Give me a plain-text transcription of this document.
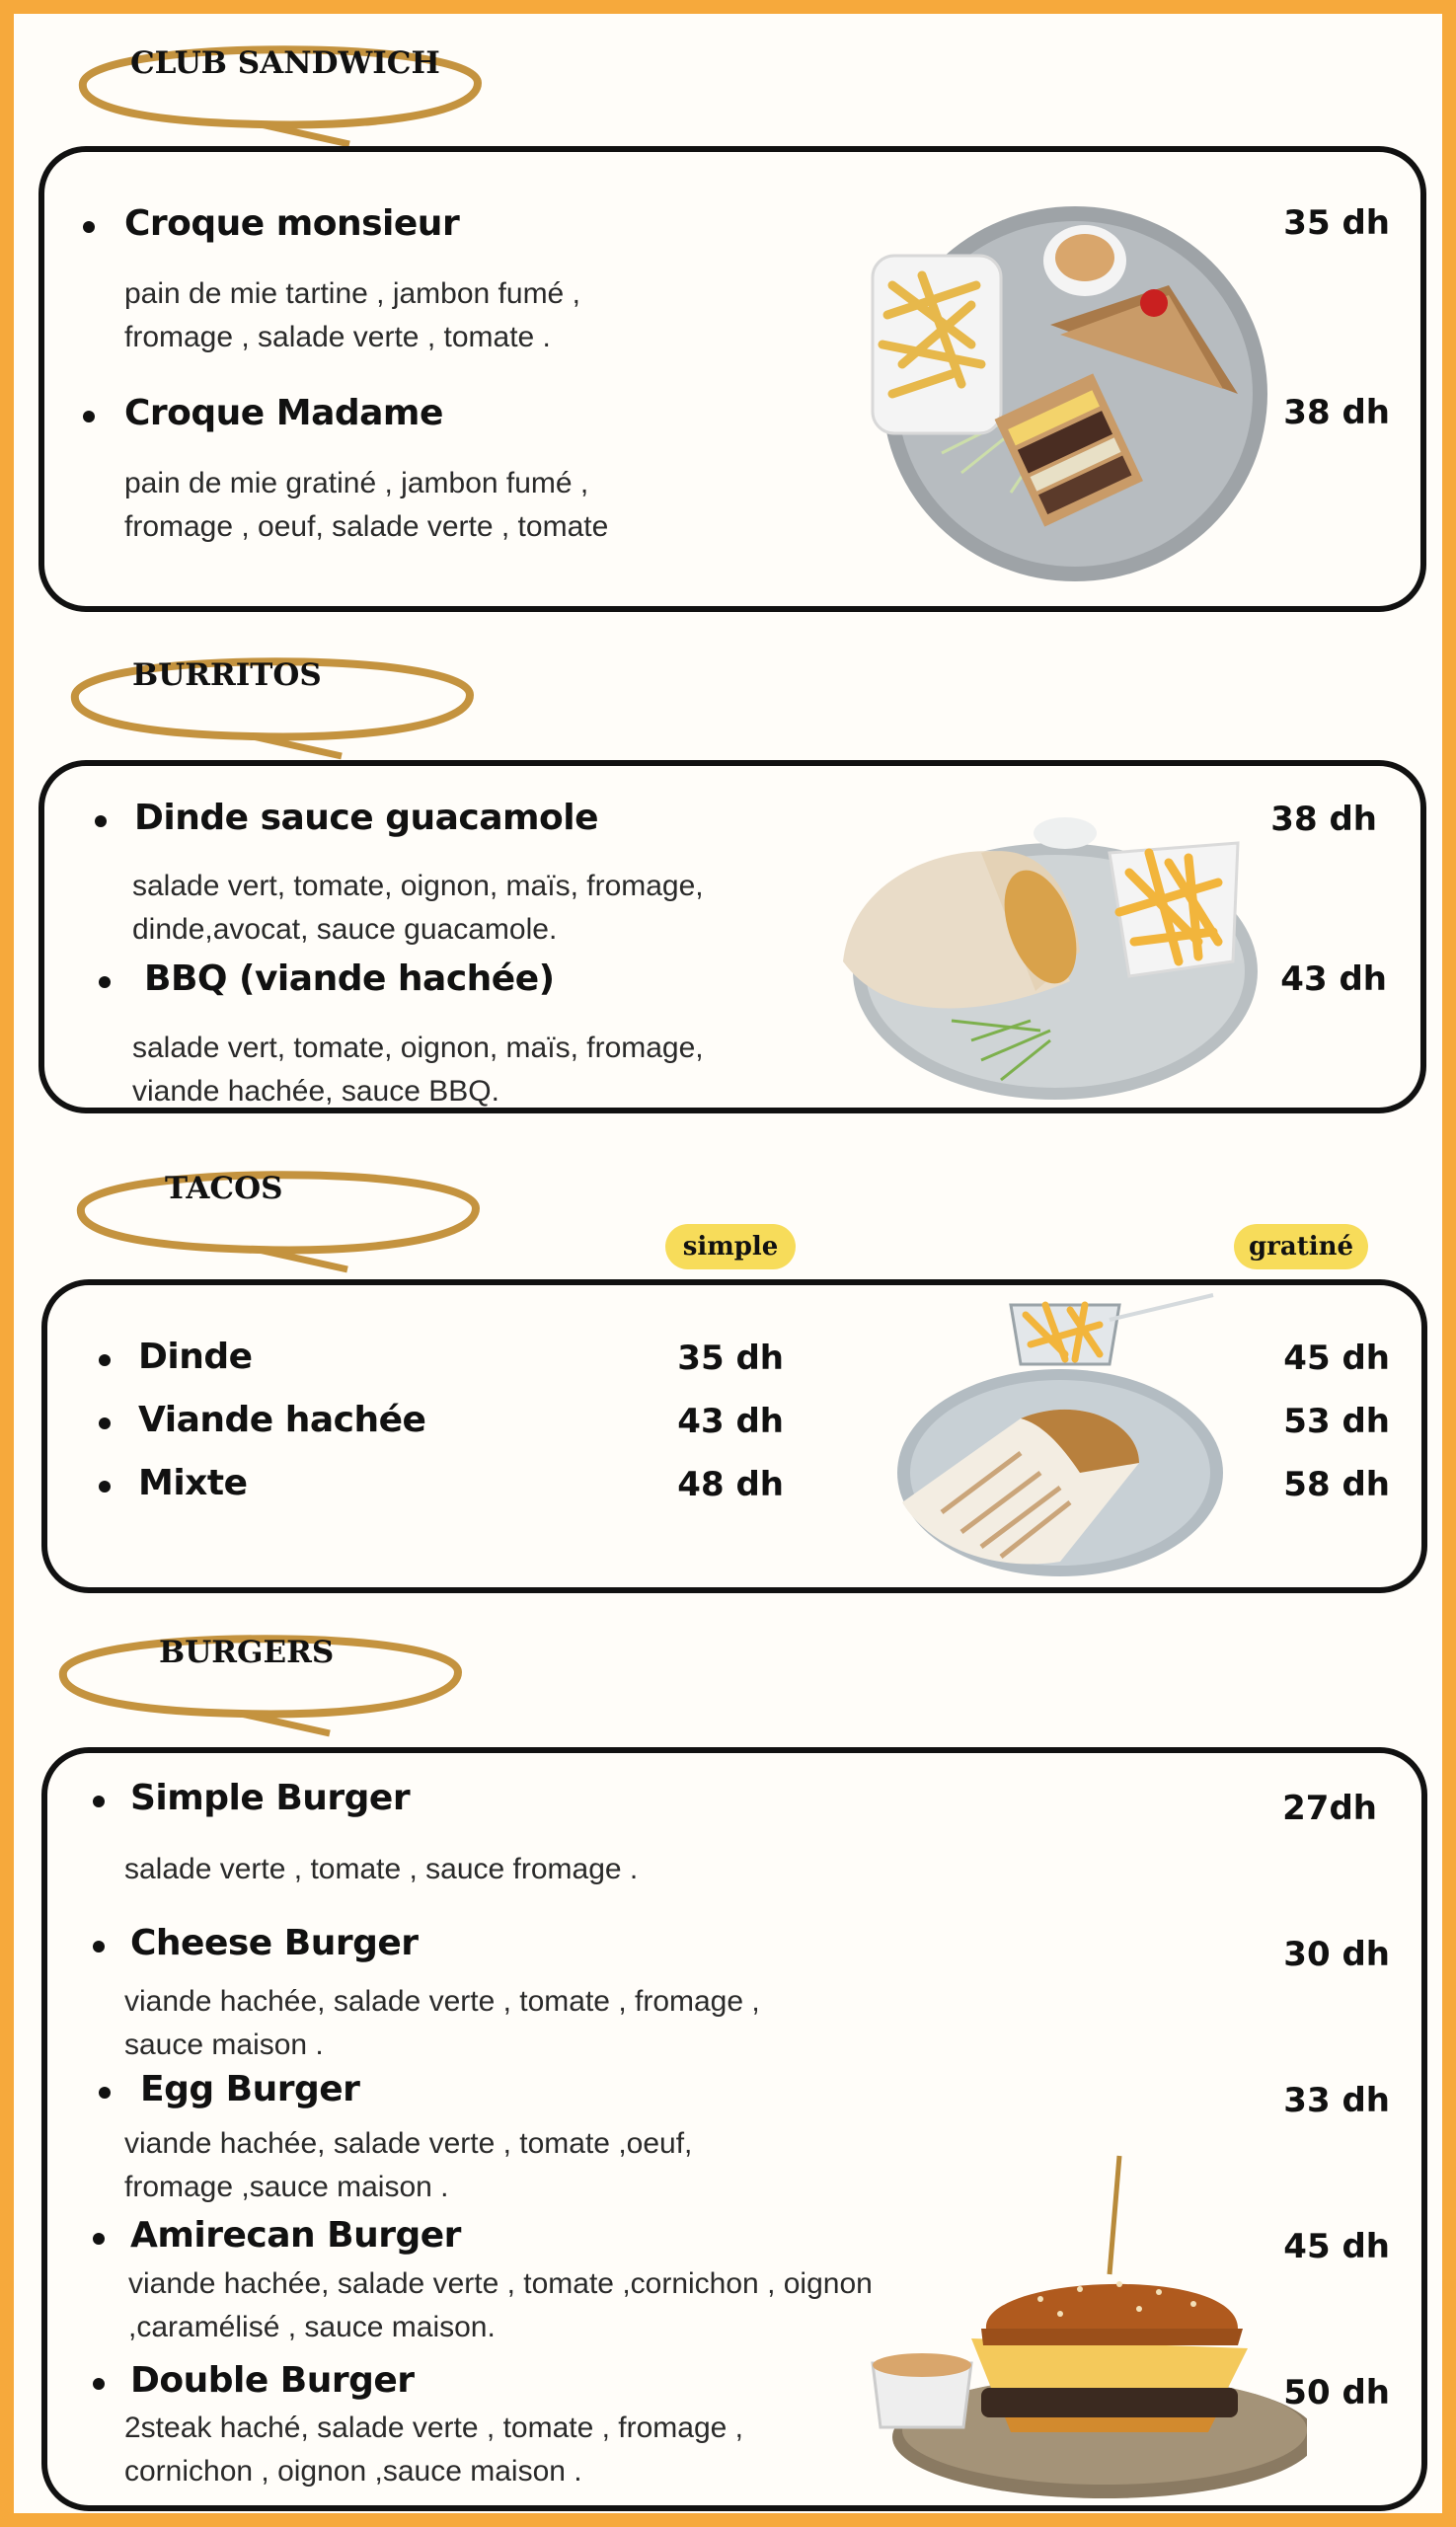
CLUB SANDWICH
Croque monsieur
pain de mie tartine , jambon fumé ,
fromage , salade verte , tomate .
35 dh
Croque Madame
pain de mie gratiné , jambon fumé ,
fromage , oeuf, salade verte , tomate
38 dh
BURRITOS
Dinde sauce guacamole
salade vert, tomate, oignon, maïs, fromage,
dinde,avocat, sauce guacamole.
38 dh
BBQ (viande hachée)
salade vert, tomate, oignon, maïs, fromage,
viande hachée, sauce BBQ.
43 dh
TACOS
simple	gratiné
Dinde	35 dh	45 dh
Viande hachée	43 dh	53 dh
Mixte	48 dh	58 dh
BURGERS
Simple Burger
salade verte , tomate , sauce fromage .
27dh
Cheese Burger
viande hachée, salade verte , tomate , fromage ,
sauce maison .
30 dh
Egg Burger
viande hachée, salade verte , tomate ,oeuf,
fromage ,sauce maison .
33 dh
Amirecan Burger
viande hachée, salade verte , tomate ,cornichon , oignon
,caramélisé , sauce maison.
45 dh
Double Burger
2steak haché, salade verte , tomate , fromage ,
cornichon , oignon ,sauce maison .
50 dh
